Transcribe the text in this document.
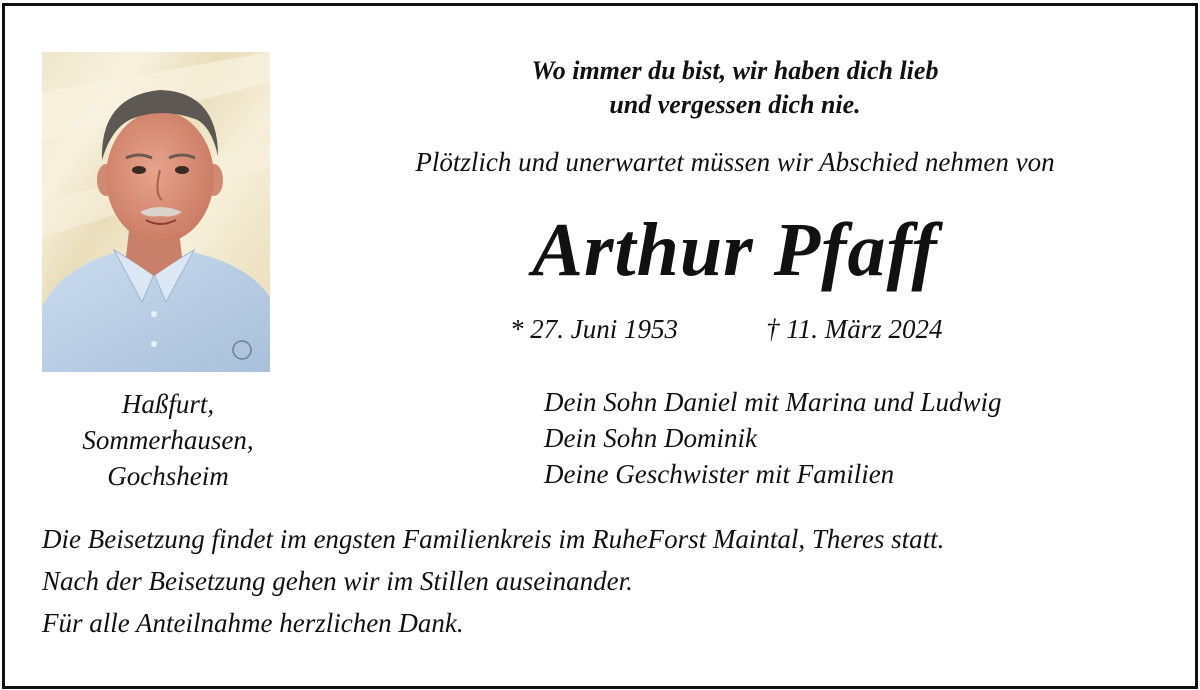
Wo immer du bist, wir haben dich lieb
und vergessen dich nie.
Plötzlich und unerwartet müssen wir Abschied nehmen von
Arthur Pfaff
* 27. Juni 1953	† 11. März 2024
Haßfurt,
Sommerhausen,
Gochsheim
Dein Sohn Daniel mit Marina und Ludwig
Dein Sohn Dominik
Deine Geschwister mit Familien
Die Beisetzung findet im engsten Familienkreis im RuheForst Maintal, Theres statt.
Nach der Beisetzung gehen wir im Stillen auseinander.
Für alle Anteilnahme herzlichen Dank.
